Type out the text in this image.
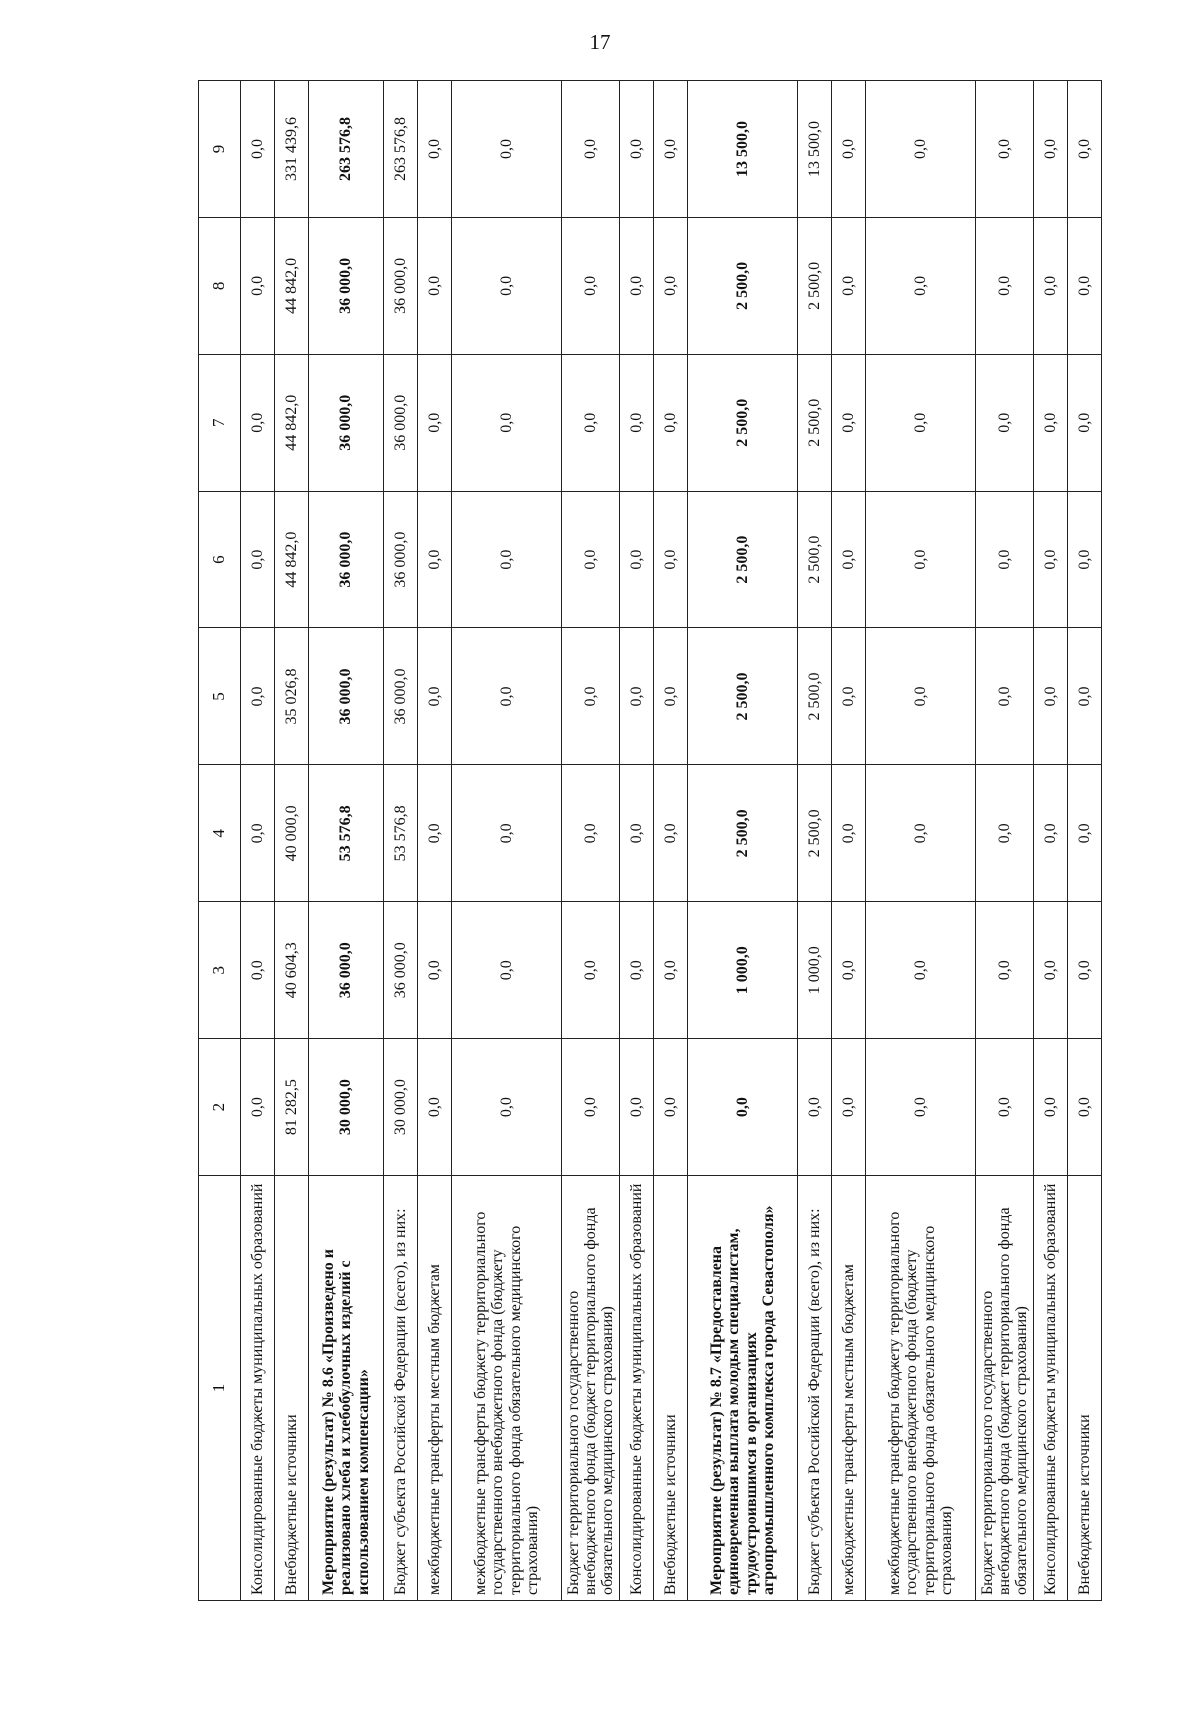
17
1	2	3	4	5	6	7	8	9
Консолидированные бюджеты муниципальных образований	0,0	0,0	0,0	0,0	0,0	0,0	0,0	0,0
Внебюджетные источники	81 282,5	40 604,3	40 000,0	35 026,8	44 842,0	44 842,0	44 842,0	331 439,6
Мероприятие (результат) № 8.6 «Произведено и реализовано хлеба и хлебобулочных изделий с использованием компенсации»	30 000,0	36 000,0	53 576,8	36 000,0	36 000,0	36 000,0	36 000,0	263 576,8
Бюджет субъекта Российской Федерации (всего), из них:	30 000,0	36 000,0	53 576,8	36 000,0	36 000,0	36 000,0	36 000,0	263 576,8
межбюджетные трансферты местным бюджетам	0,0	0,0	0,0	0,0	0,0	0,0	0,0	0,0
межбюджетные трансферты бюджету территориального государственного внебюджетного фонда (бюджету территориального фонда обязательного медицинского страхования)	0,0	0,0	0,0	0,0	0,0	0,0	0,0	0,0
Бюджет территориального государственного внебюджетного фонда (бюджет территориального фонда обязательного медицинского страхования)	0,0	0,0	0,0	0,0	0,0	0,0	0,0	0,0
Консолидированные бюджеты муниципальных образований	0,0	0,0	0,0	0,0	0,0	0,0	0,0	0,0
Внебюджетные источники	0,0	0,0	0,0	0,0	0,0	0,0	0,0	0,0
Мероприятие (результат) № 8.7 «Предоставлена единовременная выплата молодым специалистам, трудоустроившимся в организациях агропромышленного комплекса города Севастополя»	0,0	1 000,0	2 500,0	2 500,0	2 500,0	2 500,0	2 500,0	13 500,0
Бюджет субъекта Российской Федерации (всего), из них:	0,0	1 000,0	2 500,0	2 500,0	2 500,0	2 500,0	2 500,0	13 500,0
межбюджетные трансферты местным бюджетам	0,0	0,0	0,0	0,0	0,0	0,0	0,0	0,0
межбюджетные трансферты бюджету территориального государственного внебюджетного фонда (бюджету территориального фонда обязательного медицинского страхования)	0,0	0,0	0,0	0,0	0,0	0,0	0,0	0,0
Бюджет территориального государственного внебюджетного фонда (бюджет территориального фонда обязательного медицинского страхования)	0,0	0,0	0,0	0,0	0,0	0,0	0,0	0,0
Консолидированные бюджеты муниципальных образований	0,0	0,0	0,0	0,0	0,0	0,0	0,0	0,0
Внебюджетные источники	0,0	0,0	0,0	0,0	0,0	0,0	0,0	0,0
